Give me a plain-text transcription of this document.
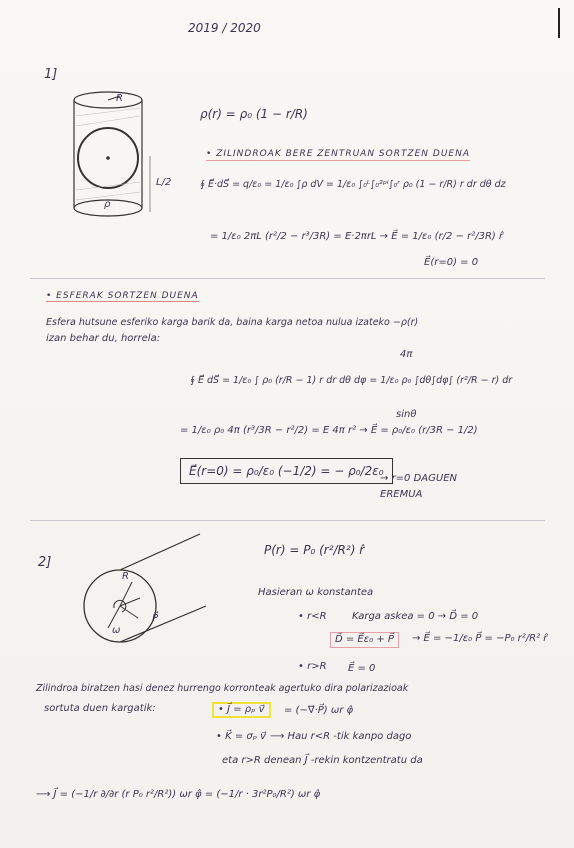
2019 / 2020
1]
R
L/2
ρ
ρ(r) = ρ₀ (1 − r/R)
• ZILINDROAK BERE ZENTRUAN SORTZEN DUENA
∮ E⃗·dS⃗ = q/ε₀ = 1/ε₀ ∫ρ dV = 1/ε₀ ∫₀ᴸ∫₀²ᵖⁱ∫₀ʳ ρ₀ (1 − r/R) r dr dθ dz
= 1/ε₀ 2πL (r²/2 − r³/3R) = E·2πrL → E⃗ = 1/ε₀ (r/2 − r²/3R) r̂
E⃗(r=0) = 0
• ESFERAK SORTZEN DUENA
Esfera hutsune esferiko karga barik da, baina karga netoa nulua izateko −ρ(r)
izan behar du, horrela:
4π
∮ E⃗ dS⃗ = 1/ε₀ ∫ ρ₀ (r/R − 1) r dr dθ dφ = 1/ε₀ ρ₀ ∫dθ∫dφ∫ (r²/R − r) dr
sinθ
= 1/ε₀ ρ₀ 4π (r³/3R − r²/2) = E 4π r² → E⃗ = ρ₀/ε₀ (r/3R − 1/2)
E⃗(r=0) = ρ₀/ε₀ (−1/2) = − ρ₀/2ε₀
→ r=0 DAGUEN
EREMUA
2]
R
P⃗
ω
P(r) = P₀ (r²/R²) r̂
Hasieran ω konstantea
• r<R	Karga askea = 0 → D⃗ = 0
D⃗ = E⃗ε₀ + P⃗	→ E⃗ = −1/ε₀ P⃗ = −P₀ r²/R² r̂
• r>R E⃗ = 0
Zilindroa biratzen hasi denez hurrengo korronteak agertuko dira polarizazioak
sortuta duen kargatik:	• J⃗ = ρₚ v⃗	= (−∇⃗·P⃗) ωr φ̂
• K⃗ = σₚ v⃗ ⟶ Hau r<R -tik kanpo dago
eta r>R denean J⃗ -rekin kontzentratu da
⟶ J⃗ = (−1/r ∂/∂r (r P₀ r²/R²)) ωr φ̂ = (−1/r · 3r²P₀/R²) ωr φ̂
